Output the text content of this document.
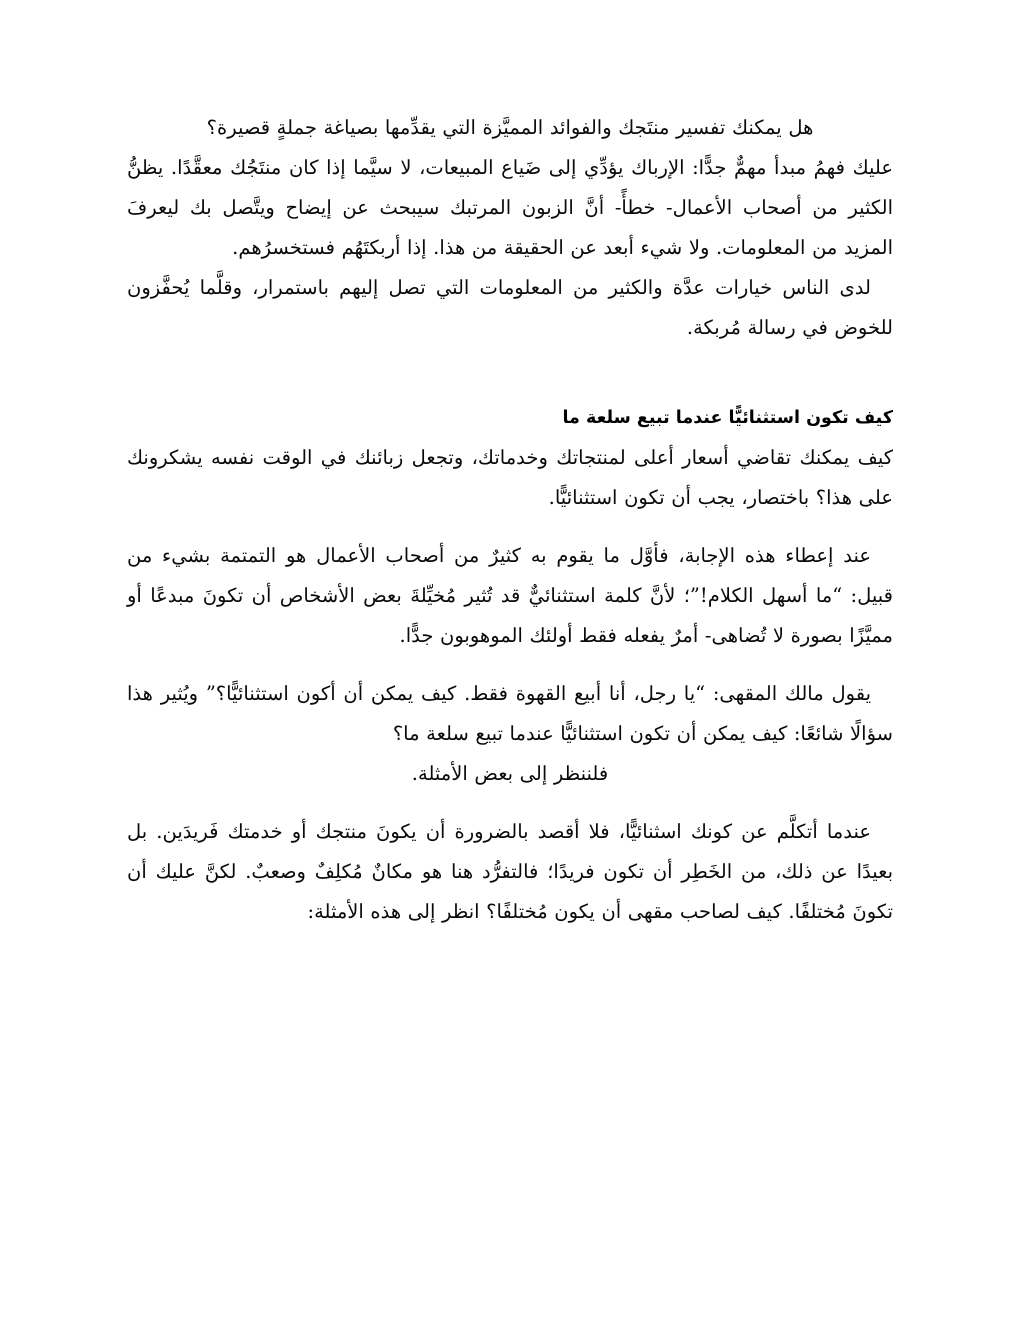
هل يمكنك تفسير منتَجك والفوائد المميَّزة التي يقدِّمها بصياغة جملةٍ قصيرة؟

عليك فهمُ مبدأ مهمٌّ جدًّا: الإرباك يؤدِّي إلى ضَياع المبيعات، لا سيَّما إذا كان منتَجُك معقَّدًا. يظنُّ الكثير من أصحاب الأعمال- خطأً- أنَّ الزبون المرتبك سيبحث عن إيضاح ويتَّصل بك ليعرفَ المزيد من المعلومات. ولا شيء أبعد عن الحقيقة من هذا. إذا أربكتَهُم فستخسرُهم.

لدى الناس خيارات عدَّة والكثير من المعلومات التي تصل إليهم باستمرار، وقلَّما يُحفَّزون للخوض في رسالة مُربكة.

كيف تكون استثنائيًّا عندما تبيع سلعة ما

كيف يمكنك تقاضي أسعار أعلى لمنتجاتك وخدماتك، وتجعل زبائنك في الوقت نفسه يشكرونك على هذا؟ باختصار، يجب أن تكون استثنائيًّا.

عند إعطاء هذه الإجابة، فأوَّل ما يقوم به كثيرٌ من أصحاب الأعمال هو التمتمة بشيء من قبيل: “ما أسهل الكلام!”؛ لأنَّ كلمة استثنائيٌّ قد تُثير مُخيِّلةَ بعض الأشخاص أن تكونَ مبدعًا أو مميَّزًا بصورة لا تُضاهى- أمرٌ يفعله فقط أولئك الموهوبون جدًّا.

يقول مالك المقهى: “يا رجل، أنا أبيع القهوة فقط. كيف يمكن أن أكون استثنائيًّا؟” ويُثير هذا سؤالًا شائعًا: كيف يمكن أن تكون استثنائيًّا عندما تبيع سلعة ما؟

فلننظر إلى بعض الأمثلة.

عندما أتكلَّم عن كونك اسثنائيًّا، فلا أقصد بالضرورة أن يكونَ منتجك أو خدمتك فَريدَين. بل بعيدًا عن ذلك، من الخَطِر أن تكون فريدًا؛ فالتفرُّد هنا هو مكانٌ مُكلِفٌ وصعبٌ. لكنَّ عليك أن تكونَ مُختلفًا. كيف لصاحب مقهى أن يكون مُختلفًا؟ انظر إلى هذه الأمثلة:
